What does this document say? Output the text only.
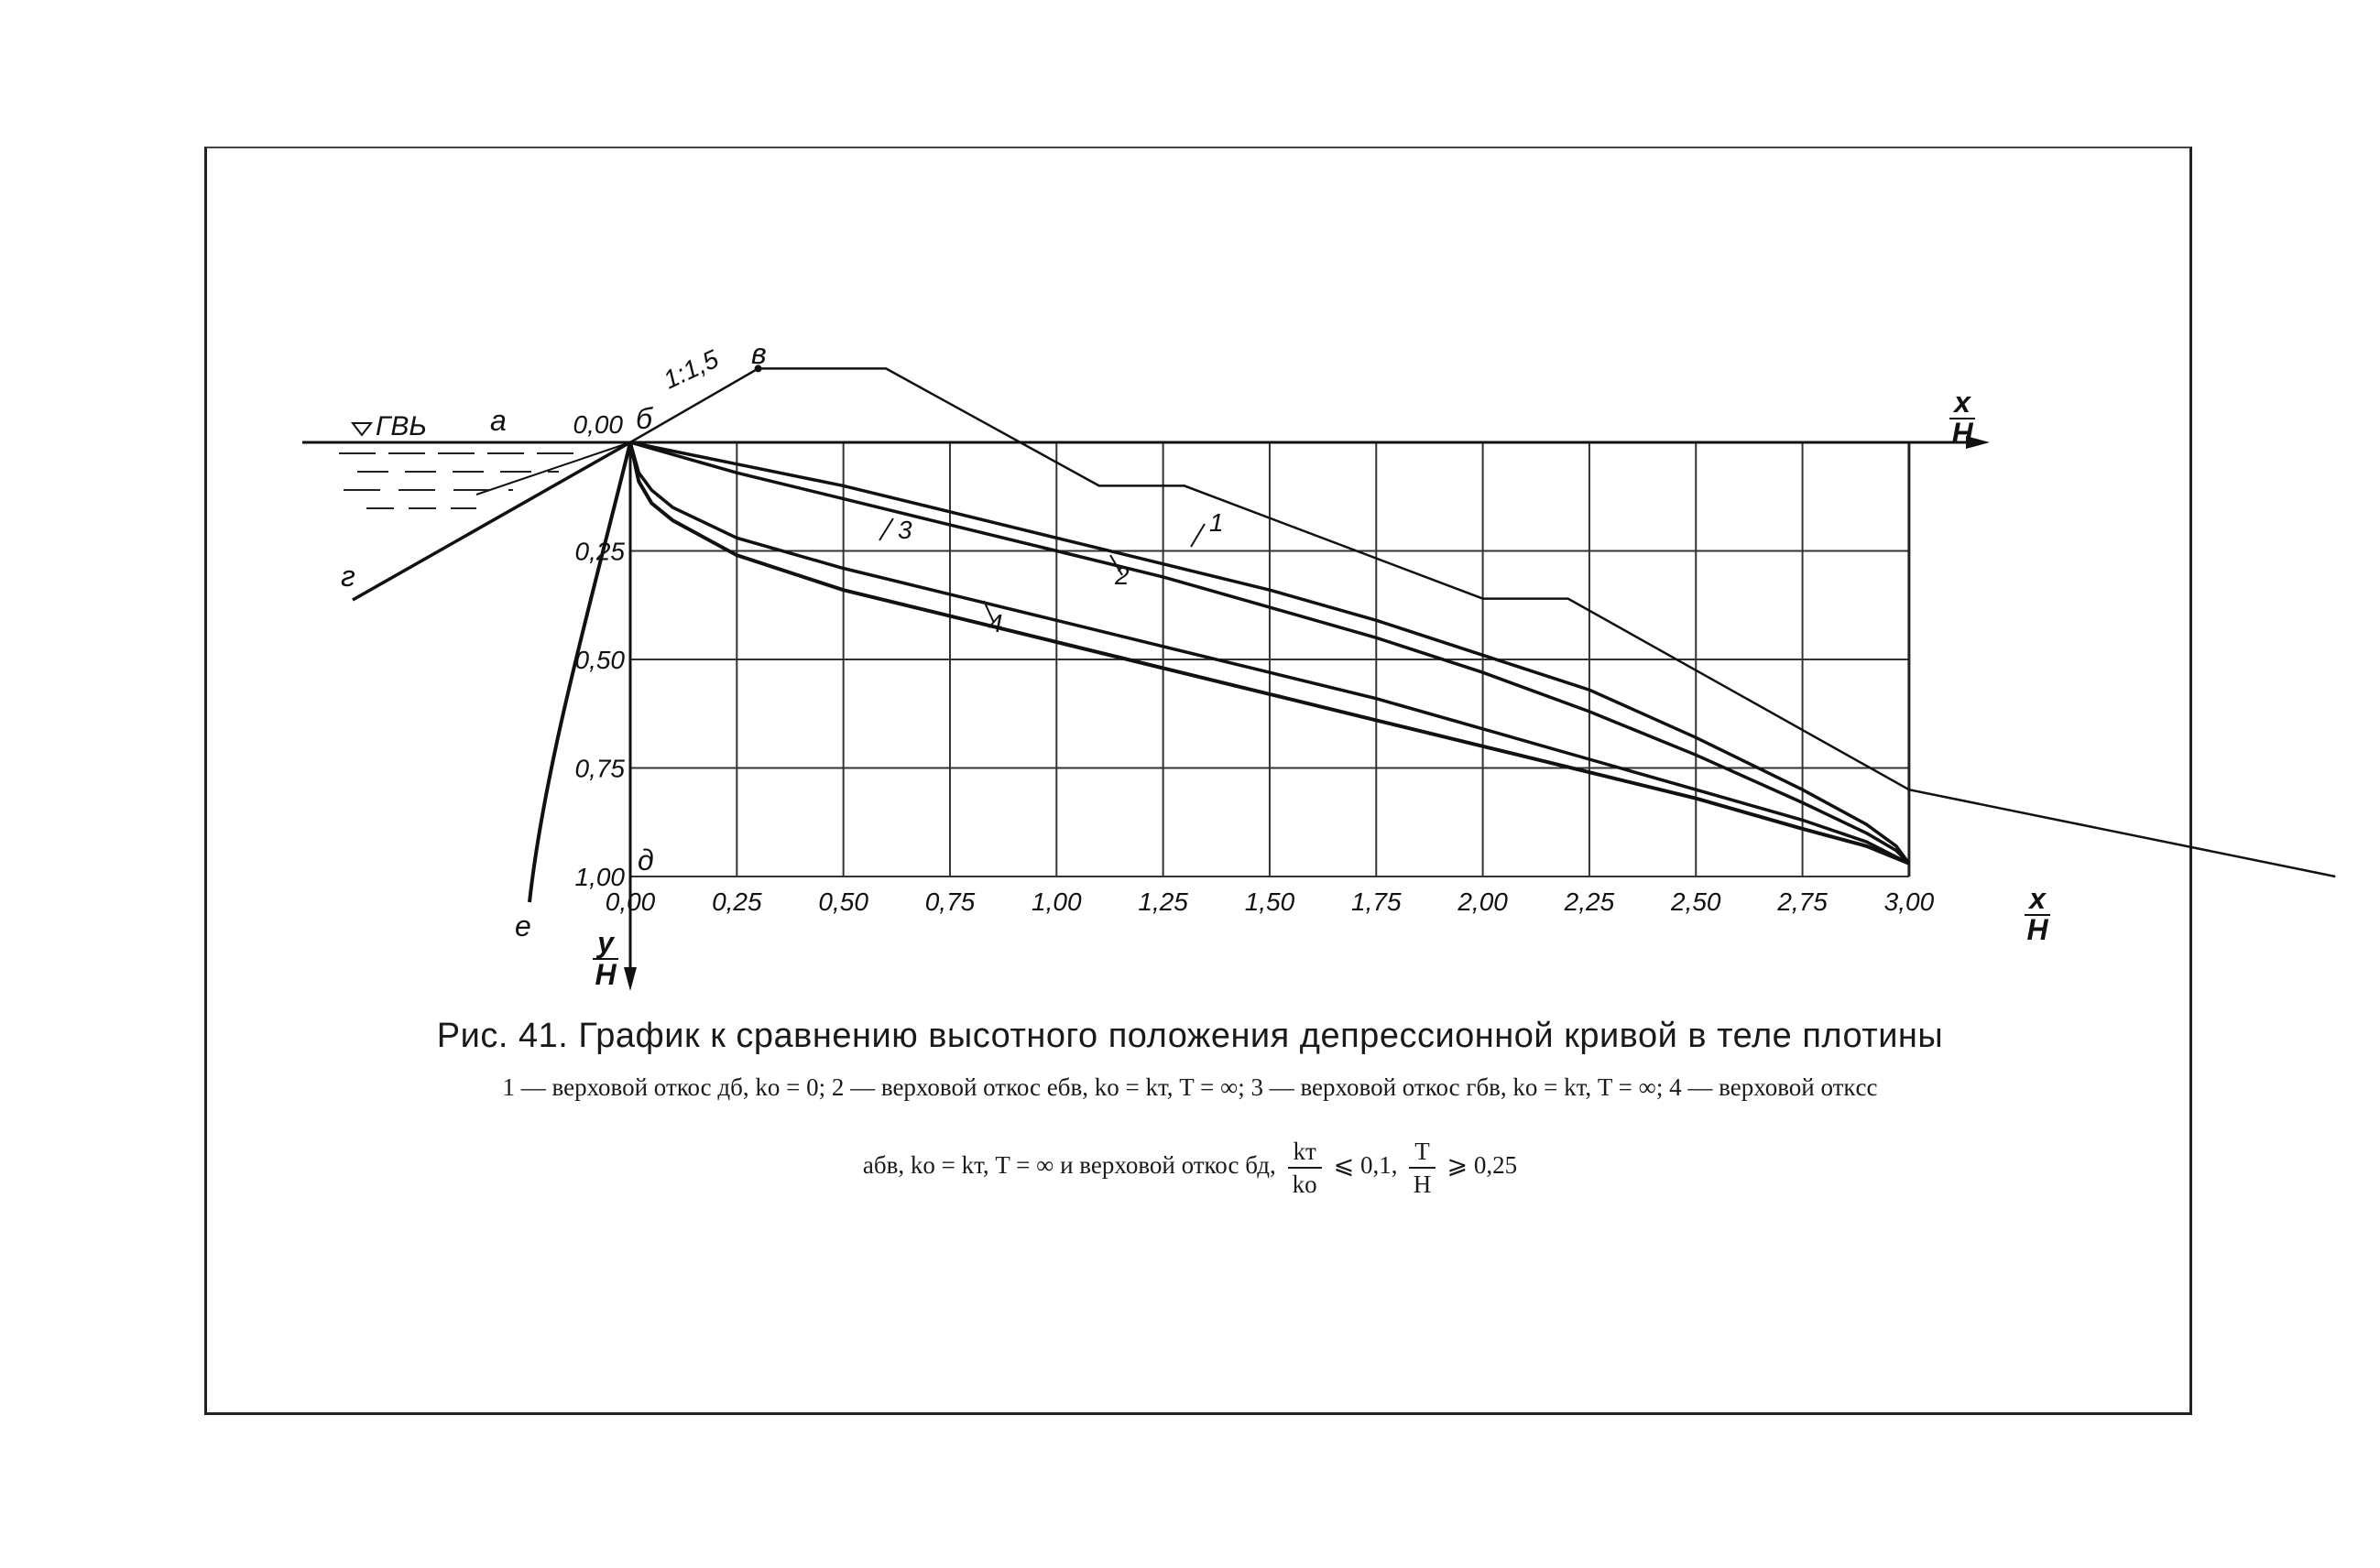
0,00 0,25 0,50 0,75 1,00 1,25 1,50 1,75 2,00 2,25 2,50 2,75 3,00
0,25
0,50
0,75
1,00
0,00
x
H
x
H
y
H
1:1,5
ГВЬ
1
2
3
4
а	б
в
г
д
е
Рис. 41. График к сравнению высотного положения депрессионной кривой в теле плотины
1 — верховой откос дб, kо = 0; 2 — верховой откос ебв, kо = kт, T = ∞; 3 — верховой откос гбв, kо = kт, T = ∞; 4 — верховой откcс
абв, kо = kт, T = ∞ и верховой откос бд, $\frac{kт}{kо}$ ⩽ 0,1, $\frac{T}{H}$ ⩾ 0,25
